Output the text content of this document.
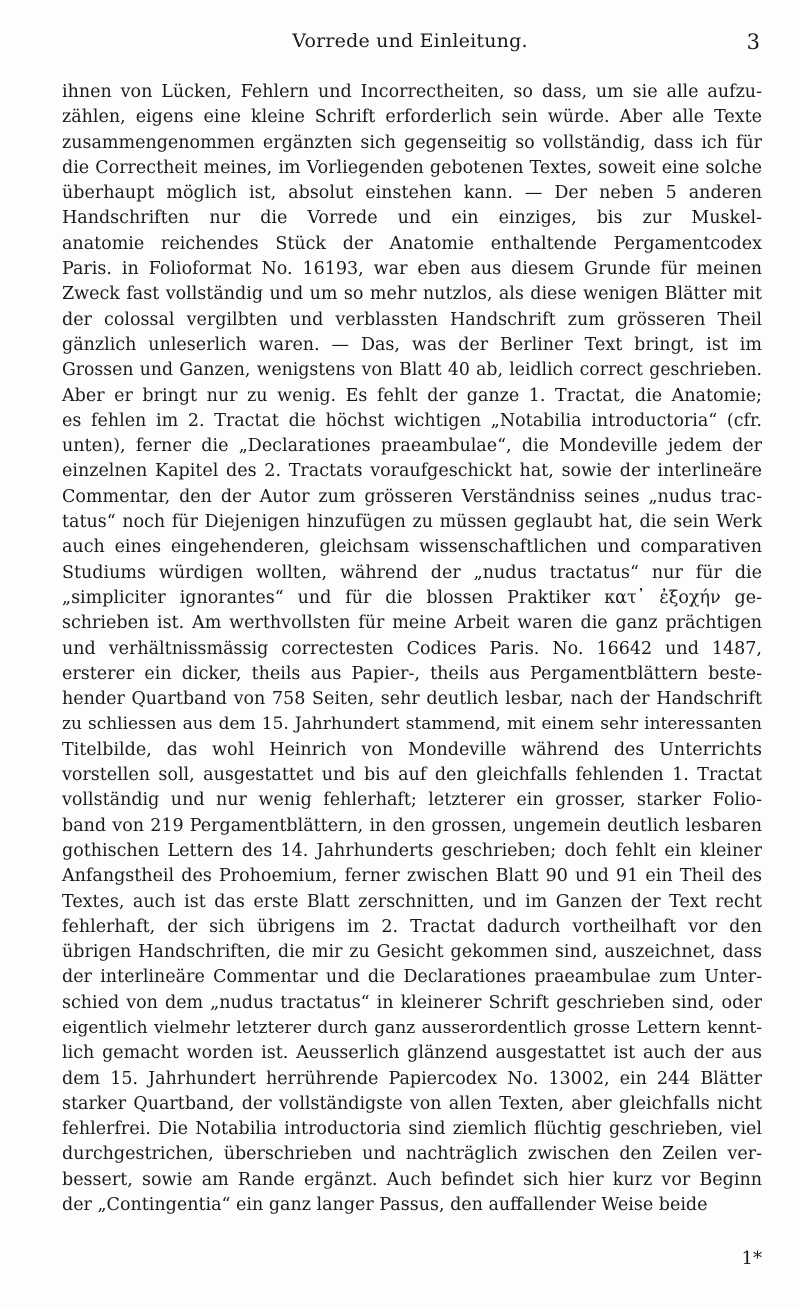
Vorrede und Einleitung.	3
ihnen von Lücken, Fehlern und Incorrectheiten, so dass, um sie alle aufzu-
zählen, eigens eine kleine Schrift erforderlich sein würde. Aber alle Texte
zusammengenommen ergänzten sich gegenseitig so vollständig, dass ich für
die Correctheit meines, im Vorliegenden gebotenen Textes, soweit eine solche
überhaupt möglich ist, absolut einstehen kann. — Der neben 5 anderen
Handschriften nur die Vorrede und ein einziges, bis zur Muskel-
anatomie reichendes Stück der Anatomie enthaltende Pergamentcodex
Paris. in Folioformat No. 16193, war eben aus diesem Grunde für meinen
Zweck fast vollständig und um so mehr nutzlos, als diese wenigen Blätter mit
der colossal vergilbten und verblassten Handschrift zum grösseren Theil
gänzlich unleserlich waren. — Das, was der Berliner Text bringt, ist im
Grossen und Ganzen, wenigstens von Blatt 40 ab, leidlich correct geschrieben.
Aber er bringt nur zu wenig. Es fehlt der ganze 1. Tractat, die Anatomie;
es fehlen im 2. Tractat die höchst wichtigen „Notabilia introductoria“ (cfr.
unten), ferner die „Declarationes praeambulae“, die Mondeville jedem der
einzelnen Kapitel des 2. Tractats voraufgeschickt hat, sowie der interlineäre
Commentar, den der Autor zum grösseren Verständniss seines „nudus trac-
tatus“ noch für Diejenigen hinzufügen zu müssen geglaubt hat, die sein Werk
auch eines eingehenderen, gleichsam wissenschaftlichen und comparativen
Studiums würdigen wollten, während der „nudus tractatus“ nur für die
„simpliciter ignorantes“ und für die blossen Praktiker κατ᾽ ἐξοχήν ge-
schrieben ist. Am werthvollsten für meine Arbeit waren die ganz prächtigen
und verhältnissmässig correctesten Codices Paris. No. 16642 und 1487,
ersterer ein dicker, theils aus Papier-, theils aus Pergamentblättern beste-
hender Quartband von 758 Seiten, sehr deutlich lesbar, nach der Handschrift
zu schliessen aus dem 15. Jahrhundert stammend, mit einem sehr interessanten
Titelbilde, das wohl Heinrich von Mondeville während des Unterrichts
vorstellen soll, ausgestattet und bis auf den gleichfalls fehlenden 1. Tractat
vollständig und nur wenig fehlerhaft; letzterer ein grosser, starker Folio-
band von 219 Pergamentblättern, in den grossen, ungemein deutlich lesbaren
gothischen Lettern des 14. Jahrhunderts geschrieben; doch fehlt ein kleiner
Anfangstheil des Prohoemium, ferner zwischen Blatt 90 und 91 ein Theil des
Textes, auch ist das erste Blatt zerschnitten, und im Ganzen der Text recht
fehlerhaft, der sich übrigens im 2. Tractat dadurch vortheilhaft vor den
übrigen Handschriften, die mir zu Gesicht gekommen sind, auszeichnet, dass
der interlineäre Commentar und die Declarationes praeambulae zum Unter-
schied von dem „nudus tractatus“ in kleinerer Schrift geschrieben sind, oder
eigentlich vielmehr letzterer durch ganz ausserordentlich grosse Lettern kennt-
lich gemacht worden ist. Aeusserlich glänzend ausgestattet ist auch der aus
dem 15. Jahrhundert herrührende Papiercodex No. 13002, ein 244 Blätter
starker Quartband, der vollständigste von allen Texten, aber gleichfalls nicht
fehlerfrei. Die Notabilia introductoria sind ziemlich flüchtig geschrieben, viel
durchgestrichen, überschrieben und nachträglich zwischen den Zeilen ver-
bessert, sowie am Rande ergänzt. Auch befindet sich hier kurz vor Beginn
der „Contingentia“ ein ganz langer Passus, den auffallender Weise beide
1*
